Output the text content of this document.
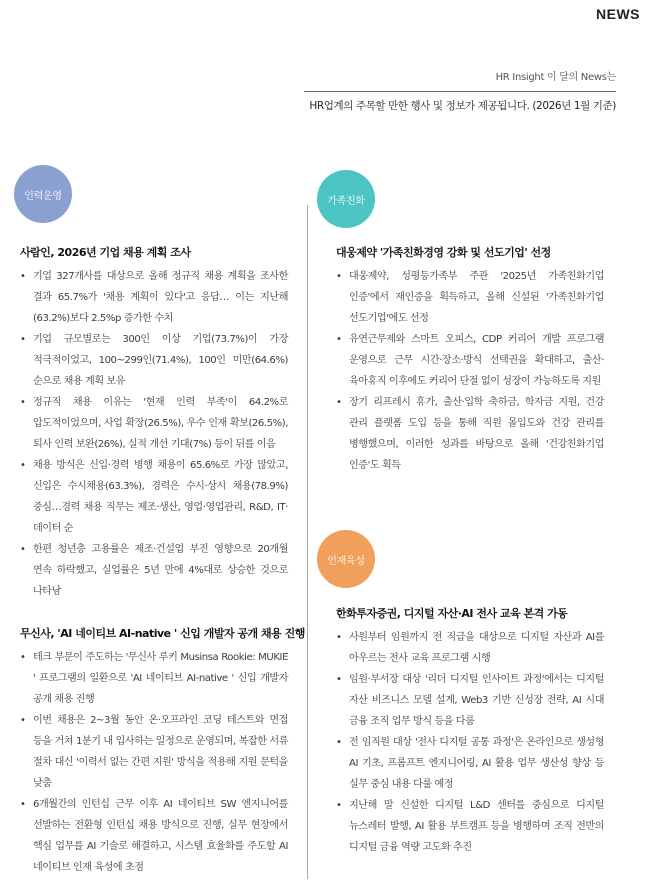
NEWS
HR Insight 이 달의 News는
HR업계의 주목할 만한 행사 및 정보가 제공됩니다. (2026년 1월 기준)
인력운영	가족친화
인재육성
사람인, 2026년 기업 채용 계획 조사
• 기업 327개사를 대상으로 올해 정규직 채용 계획을 조사한 결과 65.7%가 '채용 계획이 있다'고 응답… 이는 지난해(63.2%)보다 2.5%p 증가한 수치
• 기업 규모별로는 300인 이상 기업(73.7%)이 가장 적극적이었고, 100~299인(71.4%), 100인 미만(64.6%) 순으로 채용 계획 보유
• 정규직 채용 이유는 '현재 인력 부족'이 64.2%로 압도적이었으며, 사업 확장(26.5%), 우수 인재 확보(26.5%), 퇴사 인력 보완(26%), 실적 개선 기대(7%) 등이 뒤를 이음
• 채용 방식은 신입·경력 병행 채용이 65.6%로 가장 많았고, 신입은 수시채용(63.3%), 경력은 수시·상시 채용(78.9%) 중심…경력 채용 직무는 제조·생산, 영업·영업관리, R&D, IT·데이터 순
• 한편 청년층 고용률은 제조·건설업 부진 영향으로 20개월 연속 하락했고, 실업률은 5년 만에 4%대로 상승한 것으로 나타남
무신사, 'AI 네이티브 AI-native ' 신입 개발자 공개 채용 진행
• 테크 부문이 주도하는 '무신사 루키 Musinsa Rookie: MUKIE ' 프로그램의 일환으로 'AI 네이티브 AI-native ' 신입 개발자 공개 채용 진행
• 이번 채용은 2~3월 동안 온·오프라인 코딩 테스트와 면접 등을 거쳐 1분기 내 입사하는 일정으로 운영되며, 복잡한 서류 절차 대신 '이력서 없는 간편 지원' 방식을 적용해 지원 문턱을 낮춤
• 6개월간의 인턴십 근무 이후 AI 네이티브 SW 엔지니어를 선발하는 전환형 인턴십 채용 방식으로 진행, 실무 현장에서 핵심 업무를 AI 기술로 해결하고, 시스템 효율화를 주도할 AI 네이티브 인재 육성에 초점
대웅제약 '가족친화경영 강화 및 선도기업' 선정
• 대웅제약, 성평등가족부 주관 '2025년 가족친화기업 인증'에서 재인증을 획득하고, 올해 신설된 '가족친화기업 선도기업'에도 선정
• 유연근무제와 스마트 오피스, CDP 커리어 개발 프로그램 운영으로 근무 시간·장소·방식 선택권을 확대하고, 출산·육아휴직 이후에도 커리어 단절 없이 성장이 가능하도록 지원
• 장기 리프레시 휴가, 출산·입학 축하금, 학자금 지원, 건강 관리 플랫폼 도입 등을 통해 직원 몰입도와 건강 관리를 병행했으며, 이러한 성과를 바탕으로 올해 '건강친화기업 인증'도 획득
한화투자증권, 디지털 자산·AI 전사 교육 본격 가동
• 사원부터 임원까지 전 직급을 대상으로 디지털 자산과 AI를 아우르는 전사 교육 프로그램 시행
• 임원·부서장 대상 '리더 디지털 인사이트 과정'에서는 디지털 자산 비즈니스 모델 설계, Web3 기반 신성장 전략, AI 시대 금융 조직 업무 방식 등을 다룸
• 전 임직원 대상 '전사 디지털 공통 과정'은 온라인으로 생성형 AI 기초, 프롬프트 엔지니어링, AI 활용 업무 생산성 향상 등 실무 중심 내용 다룰 예정
• 지난해 말 신설한 디지털 L&D 센터를 중심으로 디지털 뉴스레터 발행, AI 활용 부트캠프 등을 병행하며 조직 전반의 디지털 금융 역량 고도화 추진
